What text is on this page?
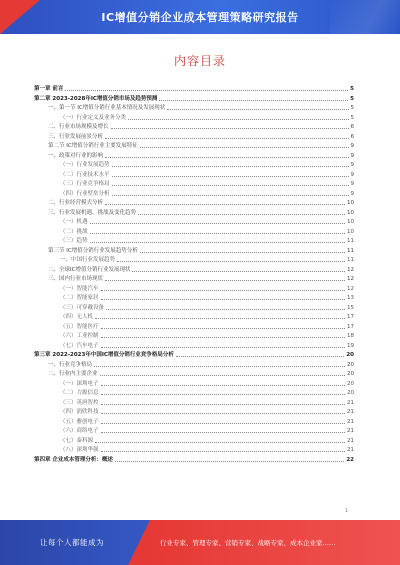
IC增值分销企业成本管理策略研究报告
内容目录
第一章 前言	5
第二章 2023-2028年IC增值分销市场及趋势预测	5
一、第一节 IC增值分销行业基本情况及发展现状	5
（一）行业定义及业务分类	5
二、行业市场规模及增长	6
三、行业发展前景分析	6
第二节 IC增值分销行业主要发展特征	9
一、政策对行业的影响	9
（一）行业发展趋势	9
（二）行业技术水平	9
（三）行业竞争格局	9
（四）行业壁垒分析	9
二、行业经营模式分析	10
三、行业发展机遇、挑战及变化趋势	10
（一）机遇	10
（二）挑战	10
（三）趋势	11
第三节 IC增值分销行业发展趋势分析	11
一、中国行业发展趋势	11
二、全球IC增值分销行业发展现状	12
三、国内行业市场现状	12
（一）智能汽车	12
（二）智能家居	13
（三）可穿戴设备	15
（四）无人机	17
（五）智能医疗	17
（六）工业控制	18
（七）汽车电子	19
第三章 2022-2023年中国IC增值分销行业竞争格局分析	20
一、行业竞争格局	20
二、行业内主要企业	20
（一）深圳电子	20
（二）力源信息	20
（三）英唐智控	21
（四）润欣科技	21
（五）雅创电子	21
（六）商络电子	21
（七）泰科源	21
（八）深圳华强	21
第四章 企业成本管理分析：概述	22
1
让每个人都能成为	行业专家、管理专家、营销专家、战略专家、成本企业家……
